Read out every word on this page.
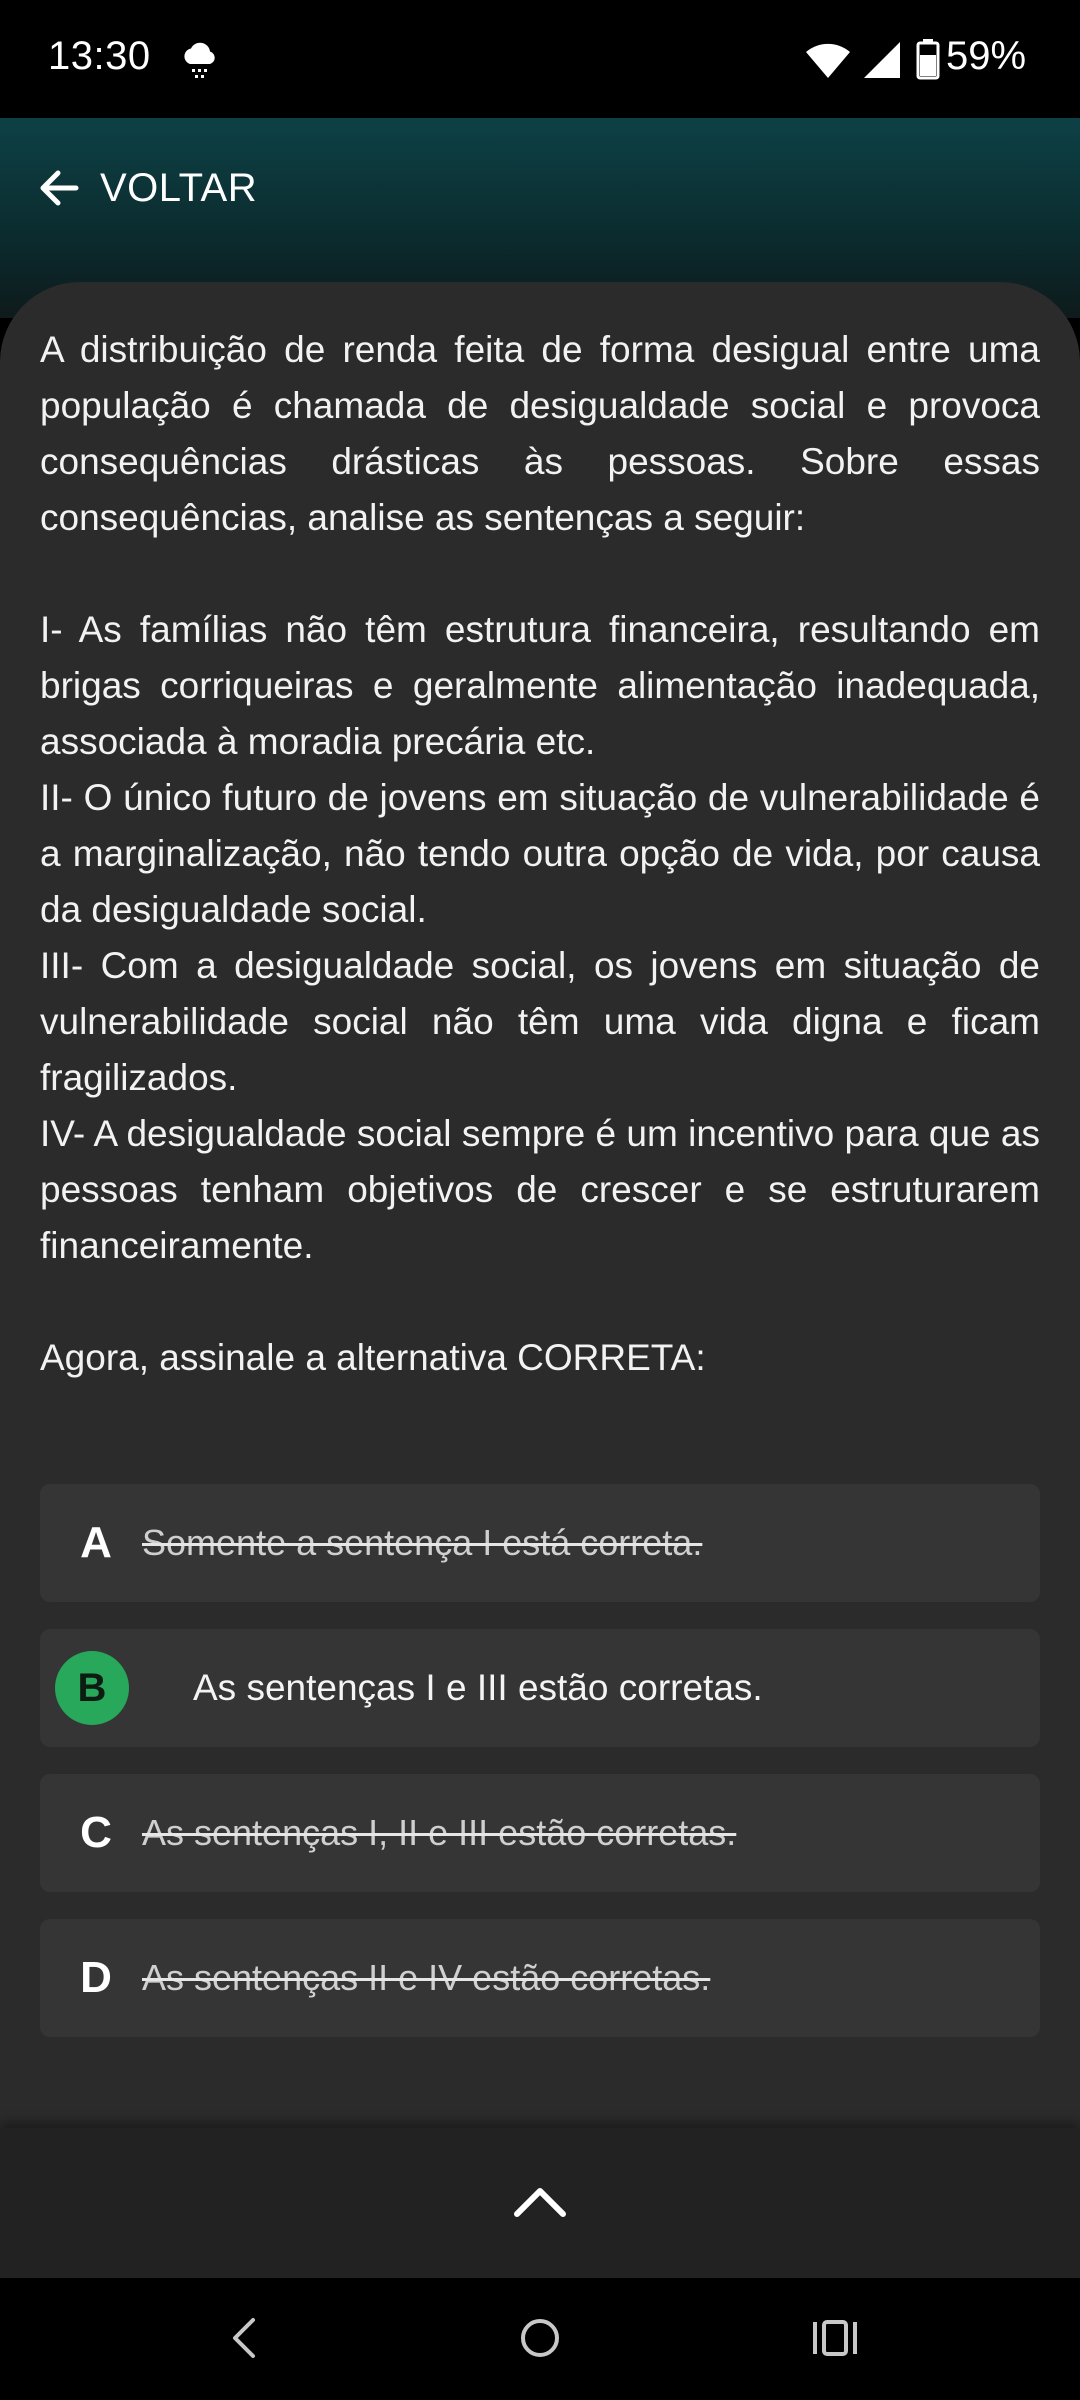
13:30	59%
VOLTAR

A distribuição de renda feita de forma desigual entre uma população é chamada de desigualdade social e provoca consequências drásticas às pessoas. Sobre essas consequências, analise as sentenças a seguir:

I- As famílias não têm estrutura financeira, resultando em brigas corriqueiras e geralmente alimentação inadequada, associada à moradia precária etc.

II- O único futuro de jovens em situação de vulnerabilidade é a marginalização, não tendo outra opção de vida, por causa da desigualdade social.

III- Com a desigualdade social, os jovens em situação de vulnerabilidade social não têm uma vida digna e ficam fragilizados.

IV- A desigualdade social sempre é um incentivo para que as pessoas tenham objetivos de crescer e se estruturarem financeiramente.

Agora, assinale a alternativa CORRETA:

A Somente a sentença I está correta.
B	As sentenças I e III estão corretas.
C As sentenças I, II e III estão corretas.
D As sentenças II e IV estão corretas.
